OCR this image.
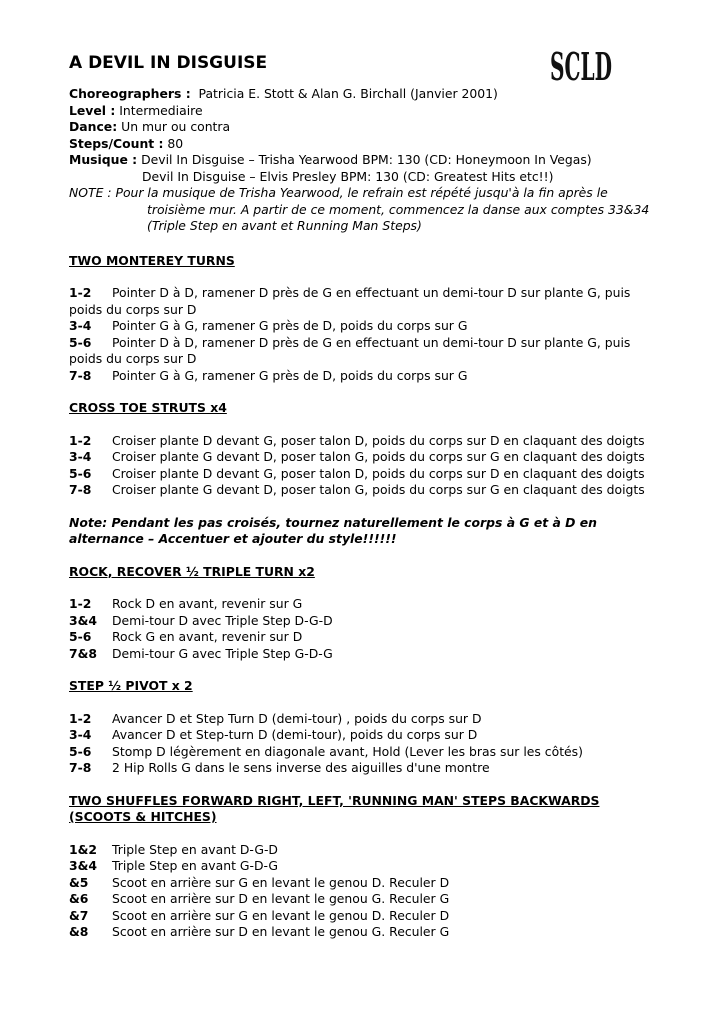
SCLD
A DEVIL IN DISGUISE
Choreographers : Patricia E. Stott & Alan G. Birchall (Janvier 2001)
Level : Intermediaire
Dance: Un mur ou contra
Steps/Count : 80
Musique : Devil In Disguise – Trisha Yearwood BPM: 130 (CD: Honeymoon In Vegas)
Devil In Disguise – Elvis Presley BPM: 130 (CD: Greatest Hits etc!!)
NOTE : Pour la musique de Trisha Yearwood, le refrain est répété jusqu'à la fin après le
troisième mur. A partir de ce moment, commencez la danse aux comptes 33&34
(Triple Step en avant et Running Man Steps)
TWO MONTEREY TURNS
1-2	Pointer D à D, ramener D près de G en effectuant un demi-tour D sur plante G, puis
poids du corps sur D
3-4	Pointer G à G, ramener G près de D, poids du corps sur G
5-6	Pointer D à D, ramener D près de G en effectuant un demi-tour D sur plante G, puis
poids du corps sur D
7-8	Pointer G à G, ramener G près de D, poids du corps sur G
CROSS TOE STRUTS x4
1-2	Croiser plante D devant G, poser talon D, poids du corps sur D en claquant des doigts
3-4	Croiser plante G devant D, poser talon G, poids du corps sur G en claquant des doigts
5-6	Croiser plante D devant G, poser talon D, poids du corps sur D en claquant des doigts
7-8	Croiser plante G devant D, poser talon G, poids du corps sur G en claquant des doigts
Note: Pendant les pas croisés, tournez naturellement le corps à G et à D en
alternance – Accentuer et ajouter du style!!!!!!
ROCK, RECOVER ½ TRIPLE TURN x2
1-2	Rock D en avant, revenir sur G
3&4	Demi-tour D avec Triple Step D-G-D
5-6	Rock G en avant, revenir sur D
7&8	Demi-tour G avec Triple Step G-D-G
STEP ½ PIVOT x 2
1-2	Avancer D et Step Turn D (demi-tour) , poids du corps sur D
3-4	Avancer D et Step-turn D (demi-tour), poids du corps sur D
5-6	Stomp D légèrement en diagonale avant, Hold (Lever les bras sur les côtés)
7-8	2 Hip Rolls G dans le sens inverse des aiguilles d'une montre
TWO SHUFFLES FORWARD RIGHT, LEFT, 'RUNNING MAN' STEPS BACKWARDS
(SCOOTS & HITCHES)
1&2	Triple Step en avant D-G-D
3&4	Triple Step en avant G-D-G
&5	Scoot en arrière sur G en levant le genou D. Reculer D
&6	Scoot en arrière sur D en levant le genou G. Reculer G
&7	Scoot en arrière sur G en levant le genou D. Reculer D
&8	Scoot en arrière sur D en levant le genou G. Reculer G
